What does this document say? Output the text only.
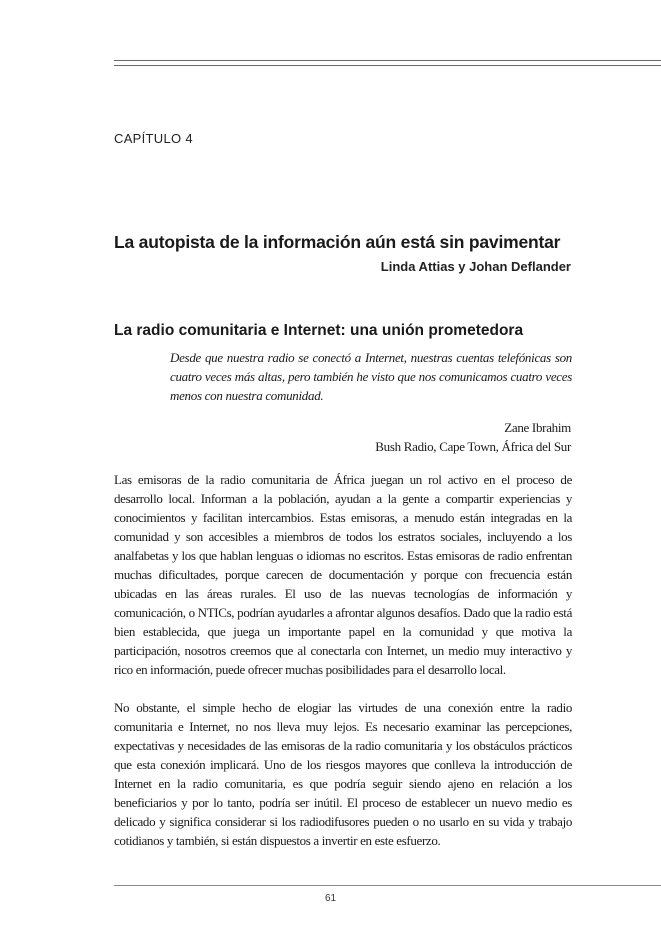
CAPÍTULO 4
La autopista de la información aún está sin pavimentar
Linda Attias y Johan Deflander
La radio comunitaria e Internet: una unión prometedora
Desde que nuestra radio se conectó a Internet, nuestras cuentas telefónicas son cuatro veces más altas, pero también he visto que nos comunicamos cuatro veces menos con nuestra comunidad.
Zane Ibrahim
Bush Radio, Cape Town, África del Sur
Las emisoras de la radio comunitaria de África juegan un rol activo en el proceso de desarrollo local. Informan a la población, ayudan a la gente a compartir experiencias y conocimientos y facilitan intercambios. Estas emisoras, a menudo están integradas en la comunidad y son accesibles a miembros de todos los estratos sociales, incluyendo a los analfabetas y los que hablan lenguas o idiomas no escritos. Estas emisoras de radio enfrentan muchas dificultades, porque carecen de documentación y porque con frecuencia están ubicadas en las áreas rurales. El uso de las nuevas tecnologías de información y comunicación, o NTICs, podrían ayudarles a afrontar algunos desafíos. Dado que la radio está bien establecida, que juega un importante papel en la comunidad y que motiva la participación, nosotros creemos que al conectarla con Internet, un medio muy interactivo y rico en información, puede ofrecer muchas posibilidades para el desarrollo local.
No obstante, el simple hecho de elogiar las virtudes de una conexión entre la radio comunitaria e Internet, no nos lleva muy lejos. Es necesario examinar las percepciones, expectativas y necesidades de las emisoras de la radio comunitaria y los obstáculos prácticos que esta conexión implicará. Uno de los riesgos mayores que conlleva la introducción de Internet en la radio comunitaria, es que podría seguir siendo ajeno en relación a los beneficiarios y por lo tanto, podría ser inútil. El proceso de establecer un nuevo medio es delicado y significa considerar si los radiodifusores pueden o no usarlo en su vida y trabajo cotidianos y también, si están dispuestos a invertir en este esfuerzo.
61
